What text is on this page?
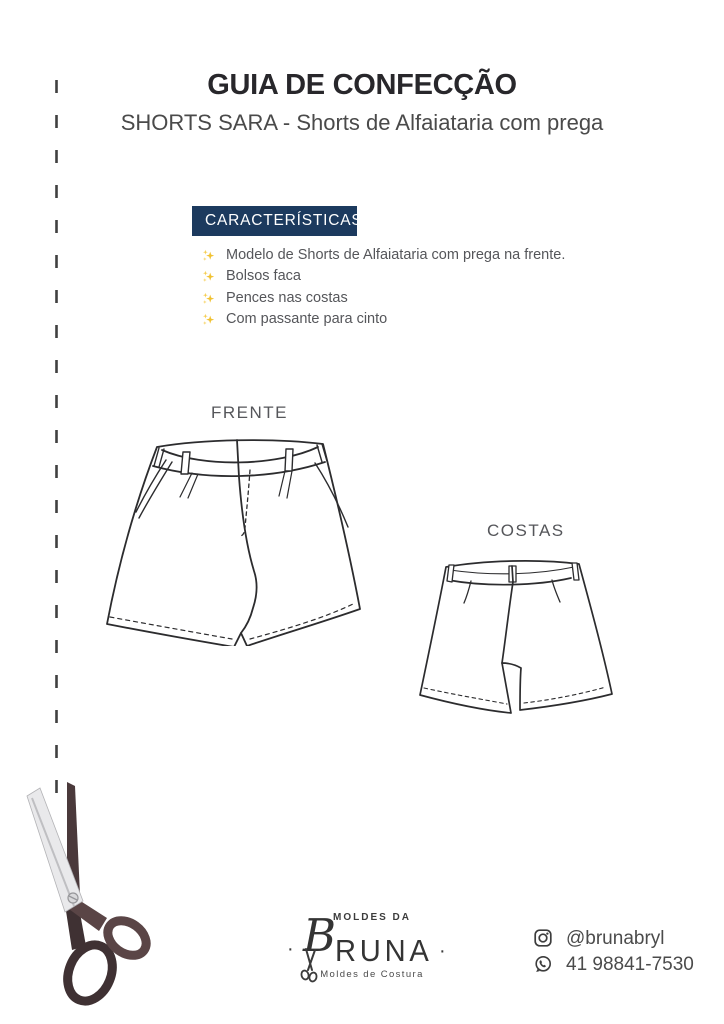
GUIA DE CONFECÇÃO
SHORTS SARA - Shorts de Alfaiataria com prega
CARACTERÍSTICAS:
Modelo de Shorts de Alfaiataria com prega na frente.
Bolsos faca
Pences nas costas
Com passante para cinto
FRENTE
COSTAS
MOLDES DA
· B
RUNA ·
Moldes de Costura
@brunabryl
41 98841-7530
